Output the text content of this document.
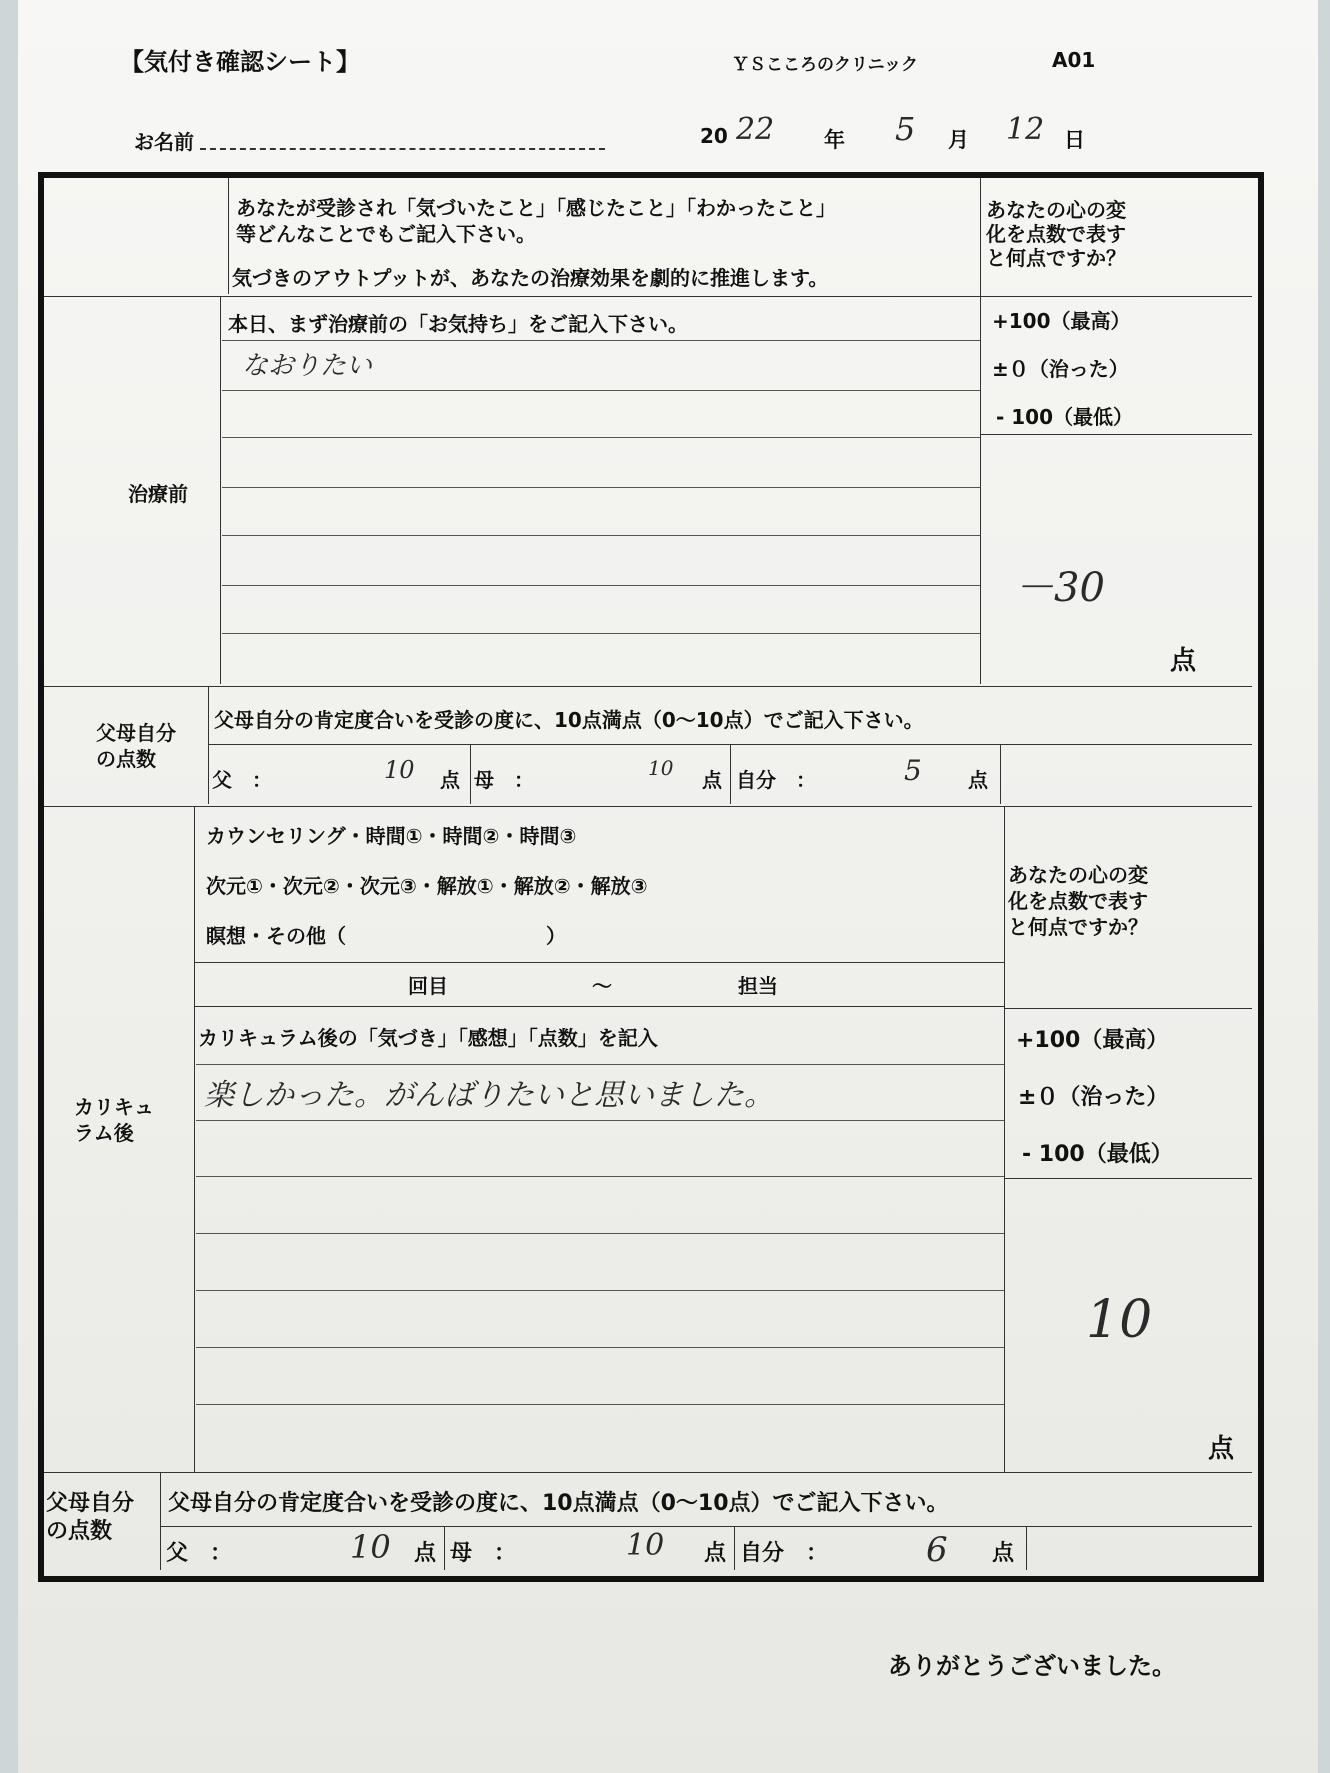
【気付き確認シート】	ＹＳこころのクリニック	A01
お名前	20 22 年 5 月 12 日
あなたが受診され「気づいたこと」「感じたこと」「わかったこと」
等どんなことでもご記入下さい。
気づきのアウトプットが、あなたの治療効果を劇的に推進します。
あなたの心の変
化を点数で表す
と何点ですか？
治療前
本日、まず治療前の「お気持ち」をご記入下さい。
なおりたい
+100（最高）
±０（治った）
- 100（最低）
－30
点
父母自分
の点数
父母自分の肯定度合いを受診の度に、10点満点（0～10点）でご記入下さい。
父　：	10 点 母　：	10 点 自分　：	5 点
カリキュ
ラム後
カウンセリング・時間①・時間②・時間③
次元①・次元②・次元③・解放①・解放②・解放③
瞑想・その他（　　　　　　　　　　）
回目	～	担当
あなたの心の変
化を点数で表す
と何点ですか？
カリキュラム後の「気づき」「感想」「点数」を記入
楽しかった。がんばりたいと思いました。
+100（最高）
±０（治った）
- 100（最低）
10
点
父母自分
の点数
父母自分の肯定度合いを受診の度に、10点満点（0～10点）でご記入下さい。
父　：	10 点 母　：	10 点 自分　：	6 点
ありがとうございました。
